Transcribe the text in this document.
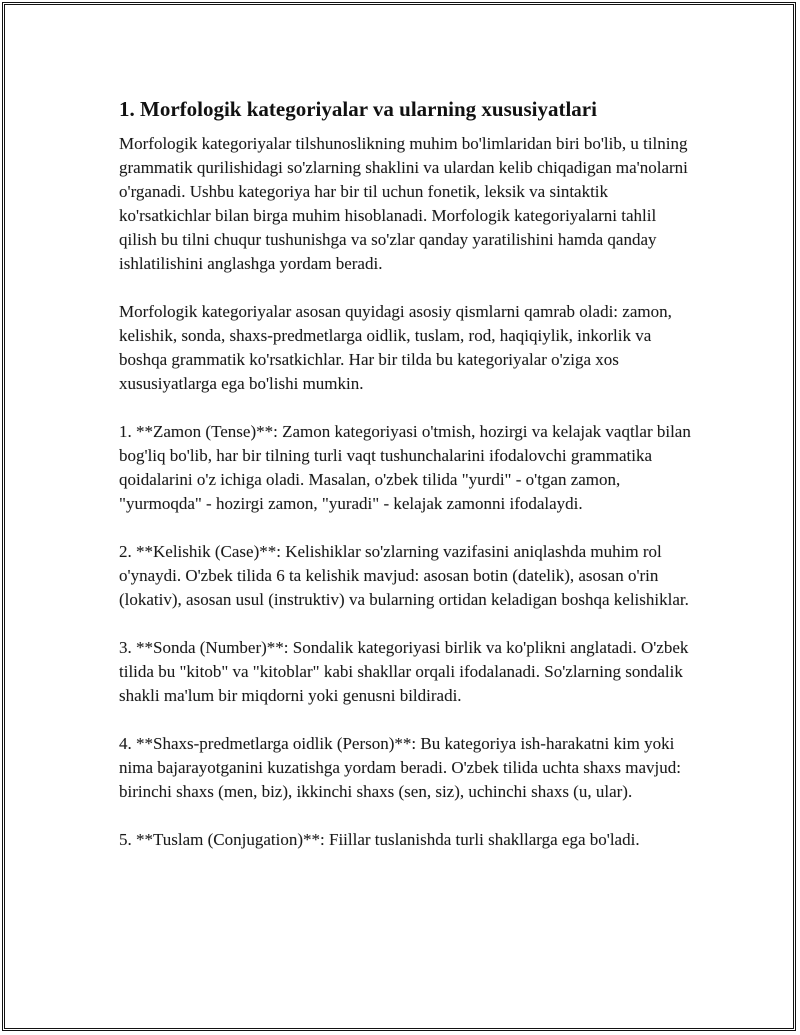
1. Morfologik kategoriyalar va ularning xususiyatlari

Morfologik kategoriyalar tilshunoslikning muhim bo'limlaridan biri bo'lib, u tilning grammatik qurilishidagi so'zlarning shaklini va ulardan kelib chiqadigan ma'nolarni o'rganadi. Ushbu kategoriya har bir til uchun fonetik, leksik va sintaktik ko'rsatkichlar bilan birga muhim hisoblanadi. Morfologik kategoriyalarni tahlil qilish bu tilni chuqur tushunishga va so'zlar qanday yaratilishini hamda qanday ishlatilishini anglashga yordam beradi.

Morfologik kategoriyalar asosan quyidagi asosiy qismlarni qamrab oladi: zamon, kelishik, sonda, shaxs-predmetlarga oidlik, tuslam, rod, haqiqiylik, inkorlik va boshqa grammatik ko'rsatkichlar. Har bir tilda bu kategoriyalar o'ziga xos xususiyatlarga ega bo'lishi mumkin.

1. **Zamon (Tense)**: Zamon kategoriyasi o'tmish, hozirgi va kelajak vaqtlar bilan bog'liq bo'lib, har bir tilning turli vaqt tushunchalarini ifodalovchi grammatika qoidalarini o'z ichiga oladi. Masalan, o'zbek tilida "yurdi" - o'tgan zamon, "yurmoqda" - hozirgi zamon, "yuradi" - kelajak zamonni ifodalaydi.

2. **Kelishik (Case)**: Kelishiklar so'zlarning vazifasini aniqlashda muhim rol o'ynaydi. O'zbek tilida 6 ta kelishik mavjud: asosan botin (datelik), asosan o'rin (lokativ), asosan usul (instruktiv) va bularning ortidan keladigan boshqa kelishiklar.

3. **Sonda (Number)**: Sondalik kategoriyasi birlik va ko'plikni anglatadi. O'zbek tilida bu "kitob" va "kitoblar" kabi shakllar orqali ifodalanadi. So'zlarning sondalik shakli ma'lum bir miqdorni yoki genusni bildiradi.

4. **Shaxs-predmetlarga oidlik (Person)**: Bu kategoriya ish-harakatni kim yoki nima bajarayotganini kuzatishga yordam beradi. O'zbek tilida uchta shaxs mavjud: birinchi shaxs (men, biz), ikkinchi shaxs (sen, siz), uchinchi shaxs (u, ular).

5. **Tuslam (Conjugation)**: Fiillar tuslanishda turli shakllarga ega bo'ladi.
